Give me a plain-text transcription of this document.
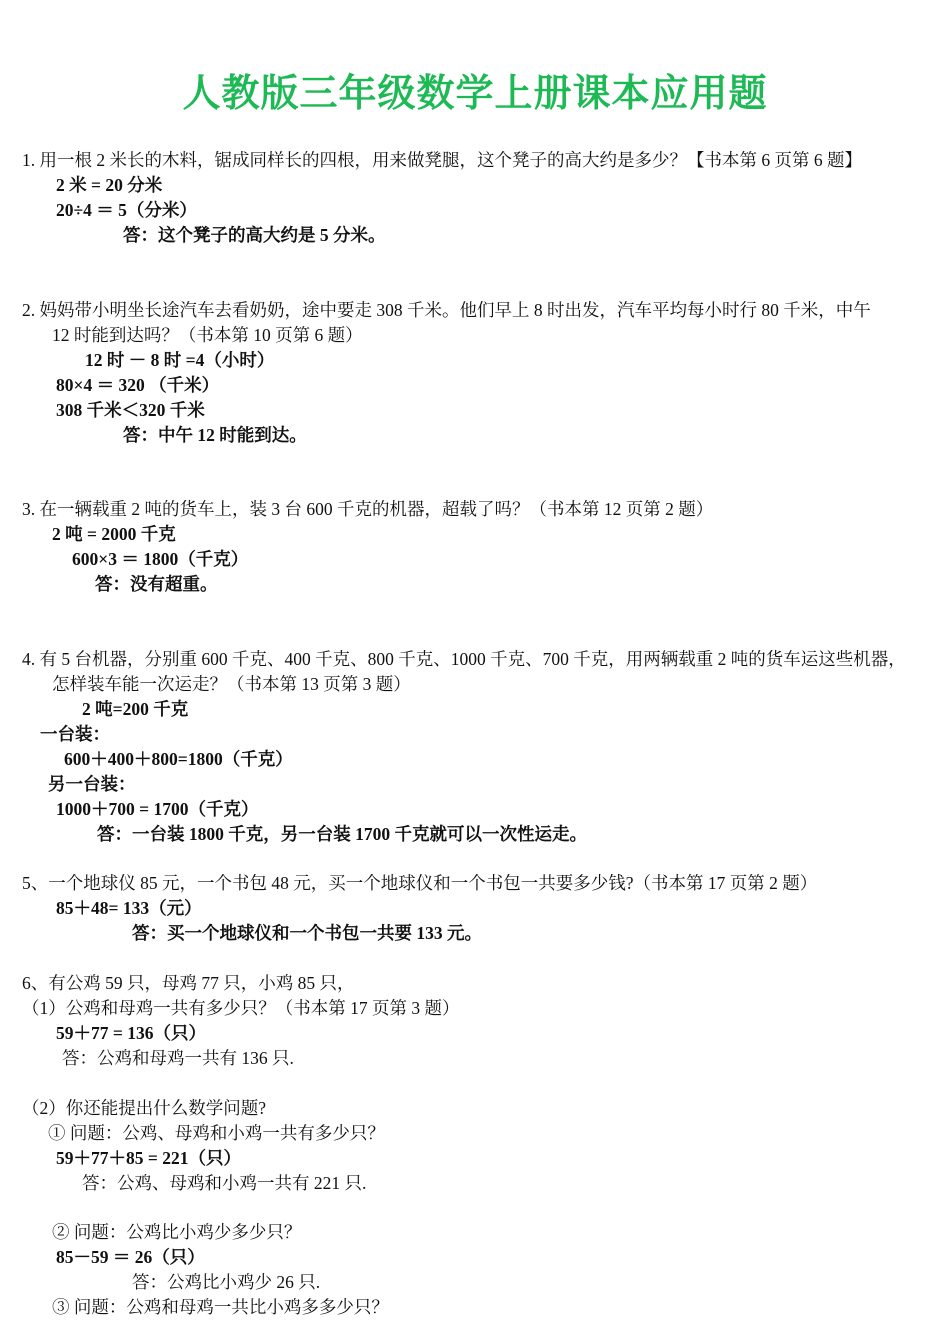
人教版三年级数学上册课本应用题
1. 用一根 2 米长的木料，锯成同样长的四根，用来做凳腿，这个凳子的高大约是多少？【书本第 6 页第 6 题】
2 米 = 20 分米
20÷4 ＝ 5（分米）
答：这个凳子的高大约是 5 分米。
2. 妈妈带小明坐长途汽车去看奶奶，途中要走 308 千米。他们早上 8 时出发，汽车平均每小时行 80 千米，中午
12 时能到达吗？（书本第 10 页第 6 题）
12 时 － 8 时 =4（小时）
80×4 ＝ 320 （千米）
308 千米＜320 千米
答：中午 12 时能到达。
3. 在一辆载重 2 吨的货车上，装 3 台 600 千克的机器，超载了吗？（书本第 12 页第 2 题）
2 吨 = 2000 千克
600×3 ＝ 1800（千克）
答：没有超重。
4. 有 5 台机器，分别重 600 千克、400 千克、800 千克、1000 千克、700 千克，用两辆载重 2 吨的货车运这些机器，
怎样装车能一次运走？（书本第 13 页第 3 题）
2 吨=200 千克
一台装：
600＋400＋800=1800（千克）
另一台装：
1000＋700 = 1700（千克）
答：一台装 1800 千克，另一台装 1700 千克就可以一次性运走。
5、一个地球仪 85 元，一个书包 48 元，买一个地球仪和一个书包一共要多少钱?（书本第 17 页第 2 题）
85＋48= 133（元）
答：买一个地球仪和一个书包一共要 133 元。
6、有公鸡 59 只，母鸡 77 只，小鸡 85 只，
（1）公鸡和母鸡一共有多少只？（书本第 17 页第 3 题）
59＋77 = 136（只）
答：公鸡和母鸡一共有 136 只.
（2）你还能提出什么数学问题?
① 问题：公鸡、母鸡和小鸡一共有多少只？
59＋77＋85 = 221（只）
答：公鸡、母鸡和小鸡一共有 221 只.
② 问题：公鸡比小鸡少多少只？
85－59 ＝ 26（只）
答：公鸡比小鸡少 26 只.
③ 问题：公鸡和母鸡一共比小鸡多多少只？
